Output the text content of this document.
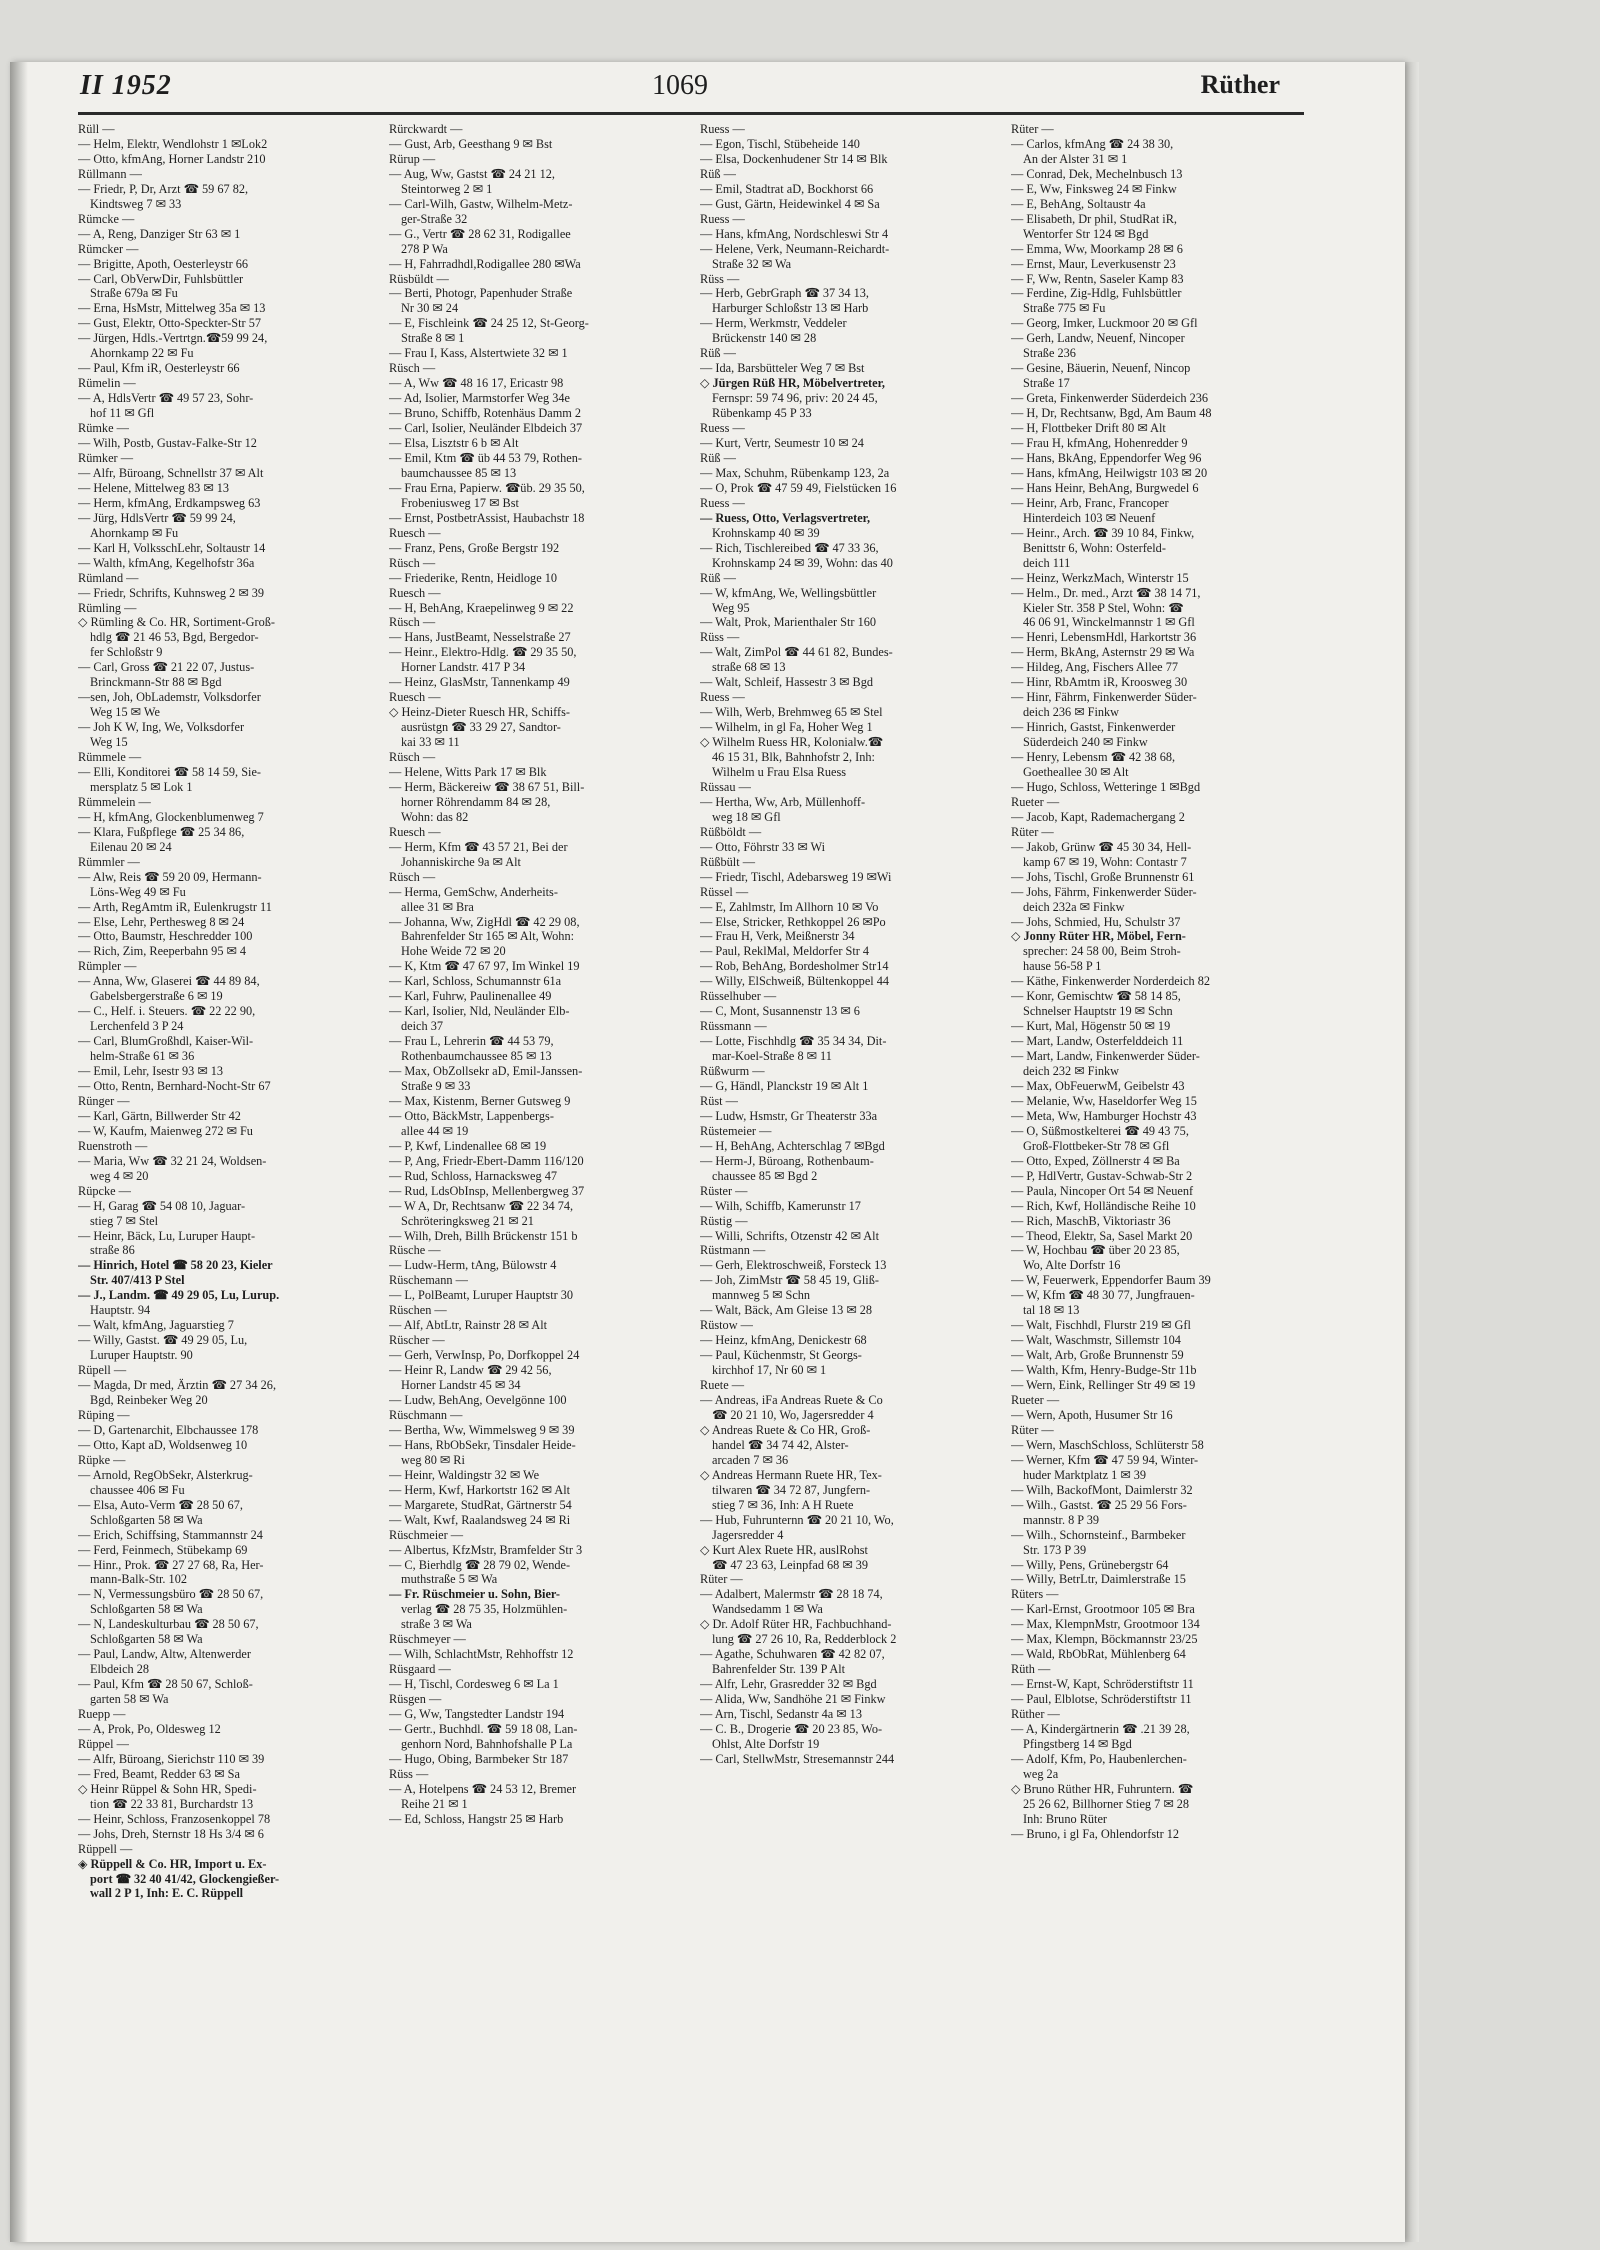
II 1952	1069	Rüther
Rüll —
— Helm, Elektr, Wendlohstr 1 ✉Lok2
— Otto, kfmAng, Horner Landstr 210
Rüllmann —
— Friedr, P, Dr, Arzt ☎ 59 67 82,
Kindtsweg 7 ✉ 33
Rümcke —
— A, Reng, Danziger Str 63 ✉ 1
Rümcker —
— Brigitte, Apoth, Oesterleystr 66
— Carl, ObVerwDir, Fuhlsbüttler
Straße 679a ✉ Fu
— Erna, HsMstr, Mittelweg 35a ✉ 13
— Gust, Elektr, Otto-Speckter-Str 57
— Jürgen, Hdls.-Vertrtgn.☎59 99 24,
Ahornkamp 22 ✉ Fu
— Paul, Kfm iR, Oesterleystr 66
Rümelin —
— A, HdlsVertr ☎ 49 57 23, Sohr-
hof 11 ✉ Gfl
Rümke —
— Wilh, Postb, Gustav-Falke-Str 12
Rümker —
— Alfr, Büroang, Schnellstr 37 ✉ Alt
— Helene, Mittelweg 83 ✉ 13
— Herm, kfmAng, Erdkampsweg 63
— Jürg, HdlsVertr ☎ 59 99 24,
Ahornkamp ✉ Fu
— Karl H, VolksschLehr, Soltaustr 14
— Walth, kfmAng, Kegelhofstr 36a
Rümland —
— Friedr, Schrifts, Kuhnsweg 2 ✉ 39
Rümling —
◇ Rümling & Co. HR, Sortiment-Groß-
hdlg ☎ 21 46 53, Bgd, Bergedor-
fer Schloßstr 9
— Carl, Gross ☎ 21 22 07, Justus-
Brinckmann-Str 88 ✉ Bgd
—sen, Joh, ObLademstr, Volksdorfer
Weg 15 ✉ We
— Joh K W, Ing, We, Volksdorfer
Weg 15
Rümmele —
— Elli, Konditorei ☎ 58 14 59, Sie-
mersplatz 5 ✉ Lok 1
Rümmelein —
— H, kfmAng, Glockenblumenweg 7
— Klara, Fußpflege ☎ 25 34 86,
Eilenau 20 ✉ 24
Rümmler —
— Alw, Reis ☎ 59 20 09, Hermann-
Löns-Weg 49 ✉ Fu
— Arth, RegAmtm iR, Eulenkrugstr 11
— Else, Lehr, Perthesweg 8 ✉ 24
— Otto, Baumstr, Heschredder 100
— Rich, Zim, Reeperbahn 95 ✉ 4
Rümpler —
— Anna, Ww, Glaserei ☎ 44 89 84,
Gabelsbergerstraße 6 ✉ 19
— C., Helf. i. Steuers. ☎ 22 22 90,
Lerchenfeld 3 P 24
— Carl, BlumGroßhdl, Kaiser-Wil-
helm-Straße 61 ✉ 36
— Emil, Lehr, Isestr 93 ✉ 13
— Otto, Rentn, Bernhard-Nocht-Str 67
Rünger —
— Karl, Gärtn, Billwerder Str 42
— W, Kaufm, Maienweg 272 ✉ Fu
Ruenstroth —
— Maria, Ww ☎ 32 21 24, Woldsen-
weg 4 ✉ 20
Rüpcke —
— H, Garag ☎ 54 08 10, Jaguar-
stieg 7 ✉ Stel
— Heinr, Bäck, Lu, Luruper Haupt-
straße 86
— Hinrich, Hotel ☎ 58 20 23, Kieler
Str. 407/413 P Stel
— J., Landm. ☎ 49 29 05, Lu, Lurup.
Hauptstr. 94
— Walt, kfmAng, Jaguarstieg 7
— Willy, Gastst. ☎ 49 29 05, Lu,
Luruper Hauptstr. 90
Rüpell —
— Magda, Dr med, Ärztin ☎ 27 34 26,
Bgd, Reinbeker Weg 20
Rüping —
— D, Gartenarchit, Elbchaussee 178
— Otto, Kapt aD, Woldsenweg 10
Rüpke —
— Arnold, RegObSekr, Alsterkrug-
chaussee 406 ✉ Fu
— Elsa, Auto-Verm ☎ 28 50 67,
Schloßgarten 58 ✉ Wa
— Erich, Schiffsing, Stammannstr 24
— Ferd, Feinmech, Stübekamp 69
— Hinr., Prok. ☎ 27 27 68, Ra, Her-
mann-Balk-Str. 102
— N, Vermessungsbüro ☎ 28 50 67,
Schloßgarten 58 ✉ Wa
— N, Landeskulturbau ☎ 28 50 67,
Schloßgarten 58 ✉ Wa
— Paul, Landw, Altw, Altenwerder
Elbdeich 28
— Paul, Kfm ☎ 28 50 67, Schloß-
garten 58 ✉ Wa
Ruepp —
— A, Prok, Po, Oldesweg 12
Rüppel —
— Alfr, Büroang, Sierichstr 110 ✉ 39
— Fred, Beamt, Redder 63 ✉ Sa
◇ Heinr Rüppel & Sohn HR, Spedi-
tion ☎ 22 33 81, Burchardstr 13
— Heinr, Schloss, Franzosenkoppel 78
— Johs, Dreh, Sternstr 18 Hs 3/4 ✉ 6
Rüppell —
◈ Rüppell & Co. HR, Import u. Ex-
port ☎ 32 40 41/42, Glockengießer-
wall 2 P 1, Inh: E. C. Rüppell
Rürckwardt —
— Gust, Arb, Geesthang 9 ✉ Bst
Rürup —
— Aug, Ww, Gastst ☎ 24 21 12,
Steintorweg 2 ✉ 1
— Carl-Wilh, Gastw, Wilhelm-Metz-
ger-Straße 32
— G., Vertr ☎ 28 62 31, Rodigallee
278 P Wa
— H, Fahrradhdl,Rodigallee 280 ✉Wa
Rüsbüldt —
— Berti, Photogr, Papenhuder Straße
Nr 30 ✉ 24
— E, Fischleink ☎ 24 25 12, St-Georg-
Straße 8 ✉ 1
— Frau I, Kass, Alstertwiete 32 ✉ 1
Rüsch —
— A, Ww ☎ 48 16 17, Ericastr 98
— Ad, Isolier, Marmstorfer Weg 34e
— Bruno, Schiffb, Rotenhäus Damm 2
— Carl, Isolier, Neuländer Elbdeich 37
— Elsa, Lisztstr 6 b ✉ Alt
— Emil, Ktm ☎ üb 44 53 79, Rothen-
baumchaussee 85 ✉ 13
— Frau Erna, Papierw. ☎üb. 29 35 50,
Frobeniusweg 17 ✉ Bst
— Ernst, PostbetrAssist, Haubachstr 18
Ruesch —
— Franz, Pens, Große Bergstr 192
Rüsch —
— Friederike, Rentn, Heidloge 10
Ruesch —
— H, BehAng, Kraepelinweg 9 ✉ 22
Rüsch —
— Hans, JustBeamt, Nesselstraße 27
— Heinr., Elektro-Hdlg. ☎ 29 35 50,
Horner Landstr. 417 P 34
— Heinz, GlasMstr, Tannenkamp 49
Ruesch —
◇ Heinz-Dieter Ruesch HR, Schiffs-
ausrüstgn ☎ 33 29 27, Sandtor-
kai 33 ✉ 11
Rüsch —
— Helene, Witts Park 17 ✉ Blk
— Herm, Bäckereiw ☎ 38 67 51, Bill-
horner Röhrendamm 84 ✉ 28,
Wohn: das 82
Ruesch —
— Herm, Kfm ☎ 43 57 21, Bei der
Johanniskirche 9a ✉ Alt
Rüsch —
— Herma, GemSchw, Anderheits-
allee 31 ✉ Bra
— Johanna, Ww, ZigHdl ☎ 42 29 08,
Bahrenfelder Str 165 ✉ Alt, Wohn:
Hohe Weide 72 ✉ 20
— K, Ktm ☎ 47 67 97, Im Winkel 19
— Karl, Schloss, Schumannstr 61a
— Karl, Fuhrw, Paulinenallee 49
— Karl, Isolier, Nld, Neuländer Elb-
deich 37
— Frau L, Lehrerin ☎ 44 53 79,
Rothenbaumchaussee 85 ✉ 13
— Max, ObZollsekr aD, Emil-Janssen-
Straße 9 ✉ 33
— Max, Kistenm, Berner Gutsweg 9
— Otto, BäckMstr, Lappenbergs-
allee 44 ✉ 19
— P, Kwf, Lindenallee 68 ✉ 19
— P, Ang, Friedr-Ebert-Damm 116/120
— Rud, Schloss, Harnacksweg 47
— Rud, LdsObInsp, Mellenbergweg 37
— W A, Dr, Rechtsanw ☎ 22 34 74,
Schröteringksweg 21 ✉ 21
— Wilh, Dreh, Billh Brückenstr 151 b
Rüsche —
— Ludw-Herm, tAng, Bülowstr 4
Rüschemann —
— L, PolBeamt, Luruper Hauptstr 30
Rüschen —
— Alf, AbtLtr, Rainstr 28 ✉ Alt
Rüscher —
— Gerh, VerwInsp, Po, Dorfkoppel 24
— Heinr R, Landw ☎ 29 42 56,
Horner Landstr 45 ✉ 34
— Ludw, BehAng, Oevelgönne 100
Rüschmann —
— Bertha, Ww, Wimmelsweg 9 ✉ 39
— Hans, RbObSekr, Tinsdaler Heide-
weg 80 ✉ Ri
— Heinr, Waldingstr 32 ✉ We
— Herm, Kwf, Harkortstr 162 ✉ Alt
— Margarete, StudRat, Gärtnerstr 54
— Walt, Kwf, Raalandsweg 24 ✉ Ri
Rüschmeier —
— Albertus, KfzMstr, Bramfelder Str 3
— C, Bierhdlg ☎ 28 79 02, Wende-
muthstraße 5 ✉ Wa
— Fr. Rüschmeier u. Sohn, Bier-
verlag ☎ 28 75 35, Holzmühlen-
straße 3 ✉ Wa
Rüschmeyer —
— Wilh, SchlachtMstr, Rehhoffstr 12
Rüsgaard —
— H, Tischl, Cordesweg 6 ✉ La 1
Rüsgen —
— G, Ww, Tangstedter Landstr 194
— Gertr., Buchhdl. ☎ 59 18 08, Lan-
genhorn Nord, Bahnhofshalle P La
— Hugo, Obing, Barmbeker Str 187
Rüss —
— A, Hotelpens ☎ 24 53 12, Bremer
Reihe 21 ✉ 1
— Ed, Schloss, Hangstr 25 ✉ Harb
Ruess —
— Egon, Tischl, Stübeheide 140
— Elsa, Dockenhudener Str 14 ✉ Blk
Rüß —
— Emil, Stadtrat aD, Bockhorst 66
— Gust, Gärtn, Heidewinkel 4 ✉ Sa
Ruess —
— Hans, kfmAng, Nordschleswi Str 4
— Helene, Verk, Neumann-Reichardt-
Straße 32 ✉ Wa
Rüss —
— Herb, GebrGraph ☎ 37 34 13,
Harburger Schloßstr 13 ✉ Harb
— Herm, Werkmstr, Veddeler
Brückenstr 140 ✉ 28
Rüß —
— Ida, Barsbütteler Weg 7 ✉ Bst
◇ Jürgen Rüß HR, Möbelvertreter,
Fernspr: 59 74 96, priv: 20 24 45,
Rübenkamp 45 P 33
Ruess —
— Kurt, Vertr, Seumestr 10 ✉ 24
Rüß —
— Max, Schuhm, Rübenkamp 123, 2a
— O, Prok ☎ 47 59 49, Fielstücken 16
Ruess —
— Ruess, Otto, Verlagsvertreter,
Krohnskamp 40 ✉ 39
— Rich, Tischlereibed ☎ 47 33 36,
Krohnskamp 24 ✉ 39, Wohn: das 40
Rüß —
— W, kfmAng, We, Wellingsbüttler
Weg 95
— Walt, Prok, Marienthaler Str 160
Rüss —
— Walt, ZimPol ☎ 44 61 82, Bundes-
straße 68 ✉ 13
— Walt, Schleif, Hassestr 3 ✉ Bgd
Ruess —
— Wilh, Werb, Brehmweg 65 ✉ Stel
— Wilhelm, in gl Fa, Hoher Weg 1
◇ Wilhelm Ruess HR, Kolonialw.☎
46 15 31, Blk, Bahnhofstr 2, Inh:
Wilhelm u Frau Elsa Ruess
Rüssau —
— Hertha, Ww, Arb, Müllenhoff-
weg 18 ✉ Gfl
Rüßböldt —
— Otto, Föhrstr 33 ✉ Wi
Rüßbült —
— Friedr, Tischl, Adebarsweg 19 ✉Wi
Rüssel —
— E, Zahlmstr, Im Allhorn 10 ✉ Vo
— Else, Stricker, Rethkoppel 26 ✉Po
— Frau H, Verk, Meißnerstr 34
— Paul, ReklMal, Meldorfer Str 4
— Rob, BehAng, Bordesholmer Str14
— Willy, ElSchweiß, Bültenkoppel 44
Rüsselhuber —
— C, Mont, Susannenstr 13 ✉ 6
Rüssmann —
— Lotte, Fischhdlg ☎ 35 34 34, Dit-
mar-Koel-Straße 8 ✉ 11
Rüßwurm —
— G, Händl, Planckstr 19 ✉ Alt 1
Rüst —
— Ludw, Hsmstr, Gr Theaterstr 33a
Rüstemeier —
— H, BehAng, Achterschlag 7 ✉Bgd
— Herm-J, Büroang, Rothenbaum-
chaussee 85 ✉ Bgd 2
Rüster —
— Wilh, Schiffb, Kamerunstr 17
Rüstig —
— Willi, Schrifts, Otzenstr 42 ✉ Alt
Rüstmann —
— Gerh, Elektroschweiß, Forsteck 13
— Joh, ZimMstr ☎ 58 45 19, Gliß-
mannweg 5 ✉ Schn
— Walt, Bäck, Am Gleise 13 ✉ 28
Rüstow —
— Heinz, kfmAng, Denickestr 68
— Paul, Küchenmstr, St Georgs-
kirchhof 17, Nr 60 ✉ 1
Ruete —
— Andreas, iFa Andreas Ruete & Co
☎ 20 21 10, Wo, Jagersredder 4
◇ Andreas Ruete & Co HR, Groß-
handel ☎ 34 74 42, Alster-
arcaden 7 ✉ 36
◇ Andreas Hermann Ruete HR, Tex-
tilwaren ☎ 34 72 87, Jungfern-
stieg 7 ✉ 36, Inh: A H Ruete
— Hub, Fuhrunternn ☎ 20 21 10, Wo,
Jagersredder 4
◇ Kurt Alex Ruete HR, auslRohst
☎ 47 23 63, Leinpfad 68 ✉ 39
Rüter —
— Adalbert, Malermstr ☎ 28 18 74,
Wandsedamm 1 ✉ Wa
◇ Dr. Adolf Rüter HR, Fachbuchhand-
lung ☎ 27 26 10, Ra, Redderblock 2
— Agathe, Schuhwaren ☎ 42 82 07,
Bahrenfelder Str. 139 P Alt
— Alfr, Lehr, Grasredder 32 ✉ Bgd
— Alida, Ww, Sandhöhe 21 ✉ Finkw
— Arn, Tischl, Sedanstr 4a ✉ 13
— C. B., Drogerie ☎ 20 23 85, Wo-
Ohlst, Alte Dorfstr 19
— Carl, StellwMstr, Stresemannstr 244
Rüter —
— Carlos, kfmAng ☎ 24 38 30,
An der Alster 31 ✉ 1
— Conrad, Dek, Mechelnbusch 13
— E, Ww, Finksweg 24 ✉ Finkw
— E, BehAng, Soltaustr 4a
— Elisabeth, Dr phil, StudRat iR,
Wentorfer Str 124 ✉ Bgd
— Emma, Ww, Moorkamp 28 ✉ 6
— Ernst, Maur, Leverkusenstr 23
— F, Ww, Rentn, Saseler Kamp 83
— Ferdine, Zig-Hdlg, Fuhlsbüttler
Straße 775 ✉ Fu
— Georg, Imker, Luckmoor 20 ✉ Gfl
— Gerh, Landw, Neuenf, Nincoper
Straße 236
— Gesine, Bäuerin, Neuenf, Nincop
Straße 17
— Greta, Finkenwerder Süderdeich 236
— H, Dr, Rechtsanw, Bgd, Am Baum 48
— H, Flottbeker Drift 80 ✉ Alt
— Frau H, kfmAng, Hohenredder 9
— Hans, BkAng, Eppendorfer Weg 96
— Hans, kfmAng, Heilwigstr 103 ✉ 20
— Hans Heinr, BehAng, Burgwedel 6
— Heinr, Arb, Franc, Francoper
Hinterdeich 103 ✉ Neuenf
— Heinr., Arch. ☎ 39 10 84, Finkw,
Benittstr 6, Wohn: Osterfeld-
deich 111
— Heinz, WerkzMach, Winterstr 15
— Helm., Dr. med., Arzt ☎ 38 14 71,
Kieler Str. 358 P Stel, Wohn: ☎
46 06 91, Winckelmannstr 1 ✉ Gfl
— Henri, LebensmHdl, Harkortstr 36
— Herm, BkAng, Asternstr 29 ✉ Wa
— Hildeg, Ang, Fischers Allee 77
— Hinr, RbAmtm iR, Kroosweg 30
— Hinr, Fährm, Finkenwerder Süder-
deich 236 ✉ Finkw
— Hinrich, Gastst, Finkenwerder
Süderdeich 240 ✉ Finkw
— Henry, Lebensm ☎ 42 38 68,
Goetheallee 30 ✉ Alt
— Hugo, Schloss, Wetteringe 1 ✉Bgd
Rueter —
— Jacob, Kapt, Rademachergang 2
Rüter —
— Jakob, Grünw ☎ 45 30 34, Hell-
kamp 67 ✉ 19, Wohn: Contastr 7
— Johs, Tischl, Große Brunnenstr 61
— Johs, Fährm, Finkenwerder Süder-
deich 232a ✉ Finkw
— Johs, Schmied, Hu, Schulstr 37
◇ Jonny Rüter HR, Möbel, Fern-
sprecher: 24 58 00, Beim Stroh-
hause 56-58 P 1
— Käthe, Finkenwerder Norderdeich 82
— Konr, Gemischtw ☎ 58 14 85,
Schnelser Hauptstr 19 ✉ Schn
— Kurt, Mal, Högenstr 50 ✉ 19
— Mart, Landw, Osterfelddeich 11
— Mart, Landw, Finkenwerder Süder-
deich 232 ✉ Finkw
— Max, ObFeuerwM, Geibelstr 43
— Melanie, Ww, Haseldorfer Weg 15
— Meta, Ww, Hamburger Hochstr 43
— O, Süßmostkelterei ☎ 49 43 75,
Groß-Flottbeker-Str 78 ✉ Gfl
— Otto, Exped, Zöllnerstr 4 ✉ Ba
— P, HdlVertr, Gustav-Schwab-Str 2
— Paula, Nincoper Ort 54 ✉ Neuenf
— Rich, Kwf, Holländische Reihe 10
— Rich, MaschB, Viktoriastr 36
— Theod, Elektr, Sa, Sasel Markt 20
— W, Hochbau ☎ über 20 23 85,
Wo, Alte Dorfstr 16
— W, Feuerwerk, Eppendorfer Baum 39
— W, Kfm ☎ 48 30 77, Jungfrauen-
tal 18 ✉ 13
— Walt, Fischhdl, Flurstr 219 ✉ Gfl
— Walt, Waschmstr, Sillemstr 104
— Walt, Arb, Große Brunnenstr 59
— Walth, Kfm, Henry-Budge-Str 11b
— Wern, Eink, Rellinger Str 49 ✉ 19
Rueter —
— Wern, Apoth, Husumer Str 16
Rüter —
— Wern, MaschSchloss, Schlüterstr 58
— Werner, Kfm ☎ 47 59 94, Winter-
huder Marktplatz 1 ✉ 39
— Wilh, BackofMont, Daimlerstr 32
— Wilh., Gastst. ☎ 25 29 56 Fors-
mannstr. 8 P 39
— Wilh., Schornsteinf., Barmbeker
Str. 173 P 39
— Willy, Pens, Grünebergstr 64
— Willy, BetrLtr, Daimlerstraße 15
Rüters —
— Karl-Ernst, Grootmoor 105 ✉ Bra
— Max, KlempnMstr, Grootmoor 134
— Max, Klempn, Böckmannstr 23/25
— Wald, RbObRat, Mühlenberg 64
Rüth —
— Ernst-W, Kapt, Schröderstiftstr 11
— Paul, Elblotse, Schröderstiftstr 11
Rüther —
— A, Kindergärtnerin ☎ .21 39 28,
Pfingstberg 14 ✉ Bgd
— Adolf, Kfm, Po, Haubenlerchen-
weg 2a
◇ Bruno Rüther HR, Fuhruntern. ☎
25 26 62, Billhorner Stieg 7 ✉ 28
Inh: Bruno Rüter
— Bruno, i gl Fa, Ohlendorfstr 12
